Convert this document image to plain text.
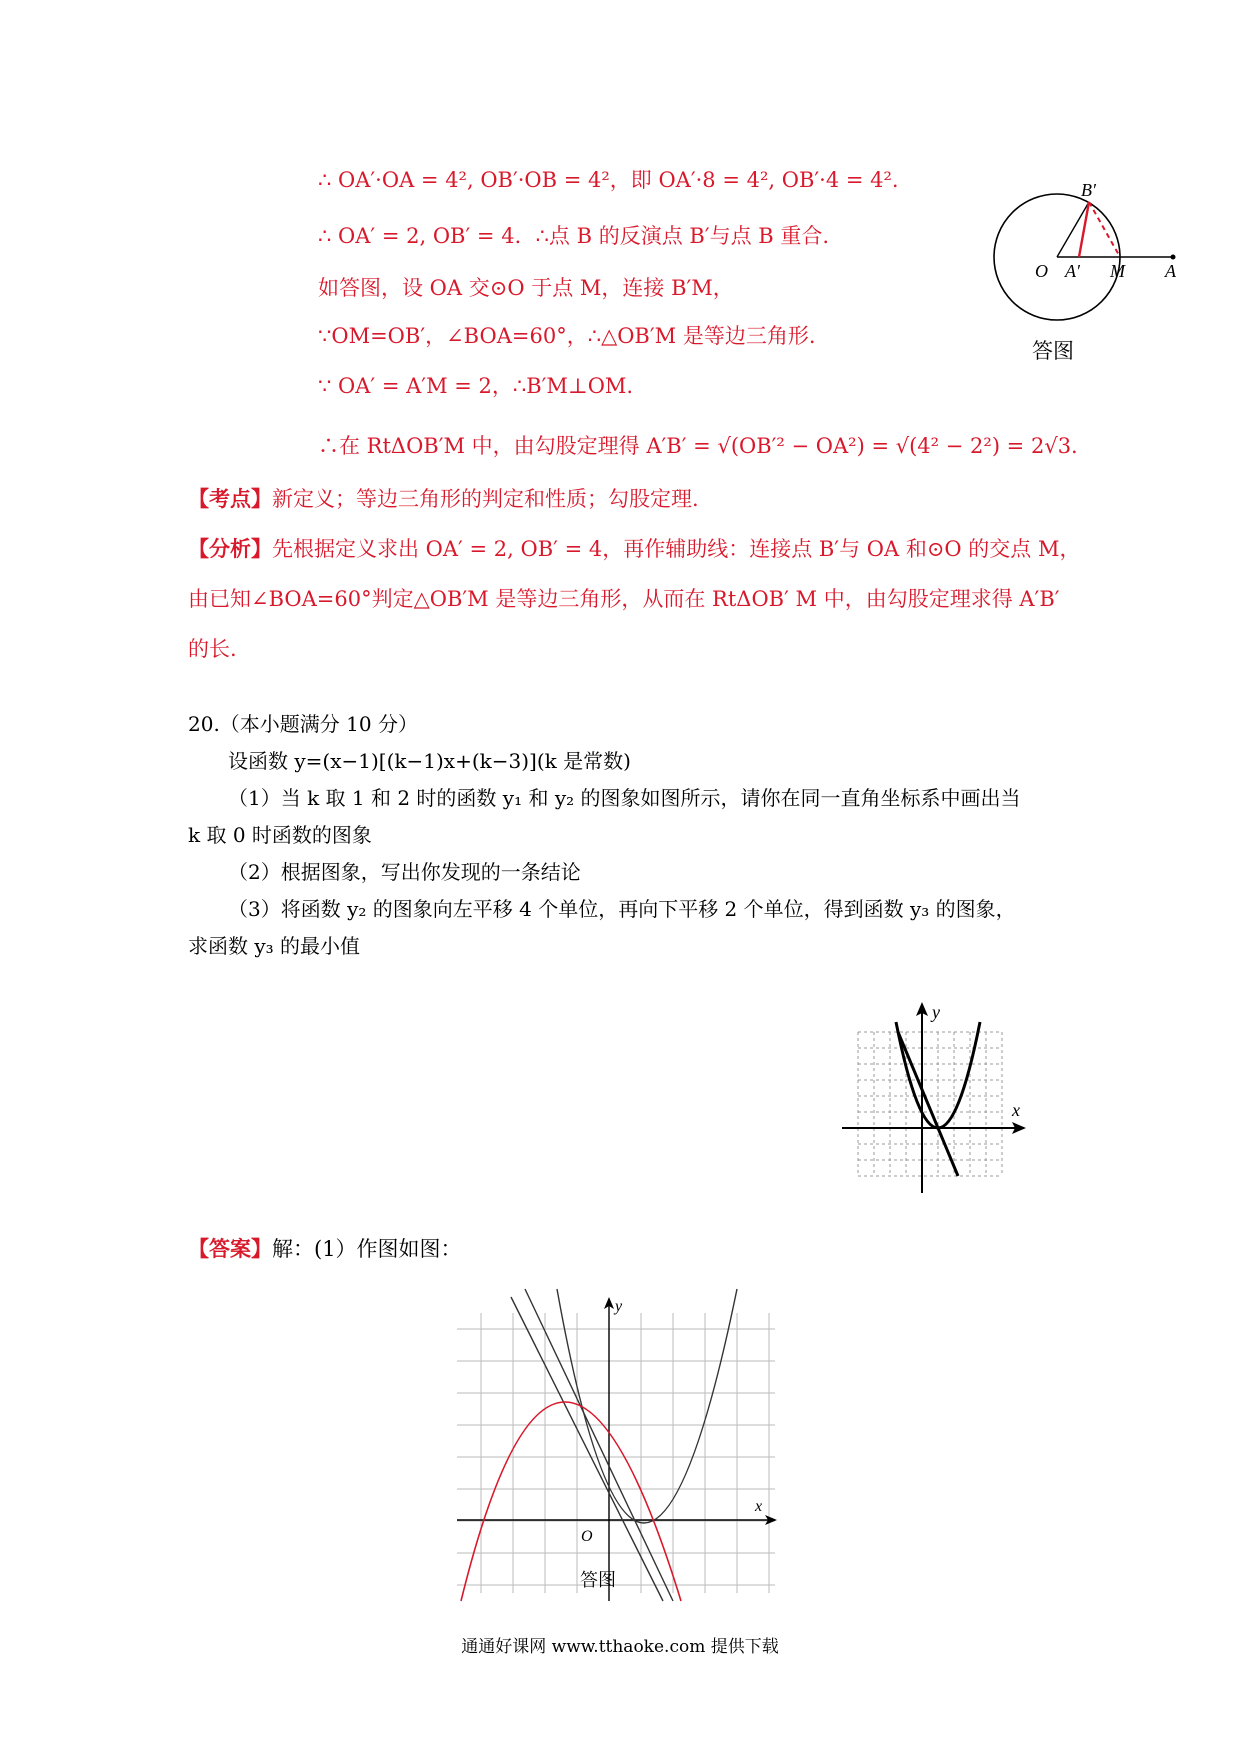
∴ OA′·OA = 4², OB′·OB = 4²，即 OA′·8 = 4², OB′·4 = 4².
∴ OA′ = 2, OB′ = 4．∴点 B 的反演点 B′与点 B 重合.
如答图，设 OA 交⊙O 于点 M，连接 B′M，
∵OM=OB′，∠BOA=60°，∴△OB′M 是等边三角形.
∵ OA′ = A′M = 2，∴B′M⊥OM.
∴在 RtΔOB′M 中，由勾股定理得 A′B′ = √(OB′² − OA²) = √(4² − 2²) = 2√3.
B′
O A′ M A
答图
【考点】新定义；等边三角形的判定和性质；勾股定理.
【分析】先根据定义求出 OA′ = 2, OB′ = 4，再作辅助线：连接点 B′与 OA 和⊙O 的交点 M，
由已知∠BOA=60°判定△OB′M 是等边三角形，从而在 RtΔOB′ M 中，由勾股定理求得 A′B′
的长.
20.（本小题满分 10 分）
设函数 y=(x−1)[(k−1)x+(k−3)](k 是常数)
（1）当 k 取 1 和 2 时的函数 y₁ 和 y₂ 的图象如图所示，请你在同一直角坐标系中画出当
k 取 0 时函数的图象
（2）根据图象，写出你发现的一条结论
（3）将函数 y₂ 的图象向左平移 4 个单位，再向下平移 2 个单位，得到函数 y₃ 的图象，
求函数 y₃ 的最小值
x
y
【答案】解：(1）作图如图：
x
y
O
答图
通通好课网 www.tthaoke.com 提供下载
